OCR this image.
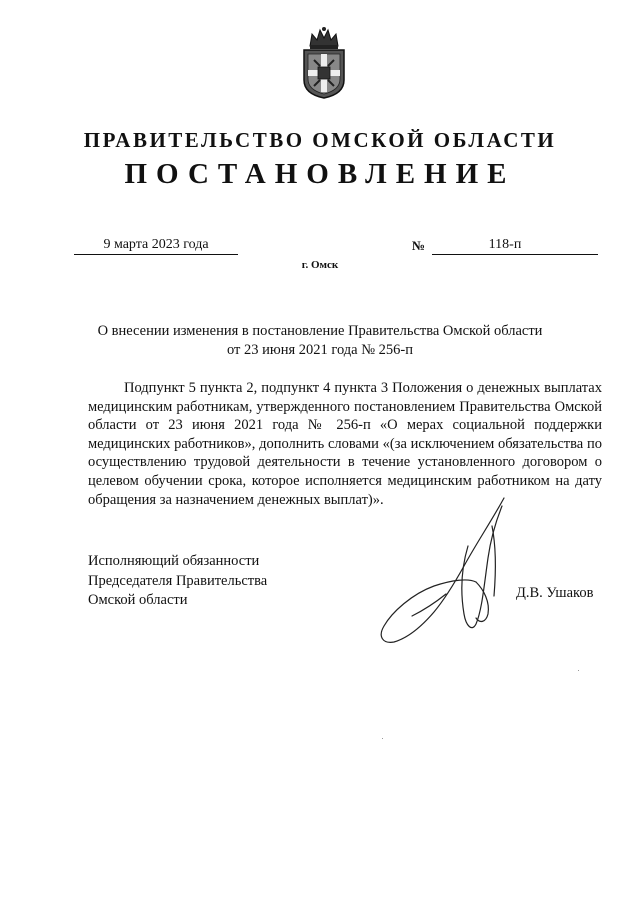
ПРАВИТЕЛЬСТВО ОМСКОЙ ОБЛАСТИ
ПОСТАНОВЛЕНИЕ
9 марта 2023 года	№	118-п
г. Омск
О внесении изменения в постановление Правительства Омской области
от 23 июня 2021 года № 256-п
Подпункт 5 пункта 2, подпункт 4 пункта 3 Положения о денежных выплатах медицинским работникам, утвержденного постановлением Правительства Омской области от 23 июня 2021 года № 256-п «О мерах социальной поддержки медицинских работников», дополнить словами «(за исключением обязательства по осуществлению трудовой деятельности в течение установленного договором о целевом обучении срока, которое исполняется медицинским работником на дату обращения за назначением денежных выплат)».
Исполняющий обязанности
Председателя Правительства
Омской области	Д.В. Ушаков
